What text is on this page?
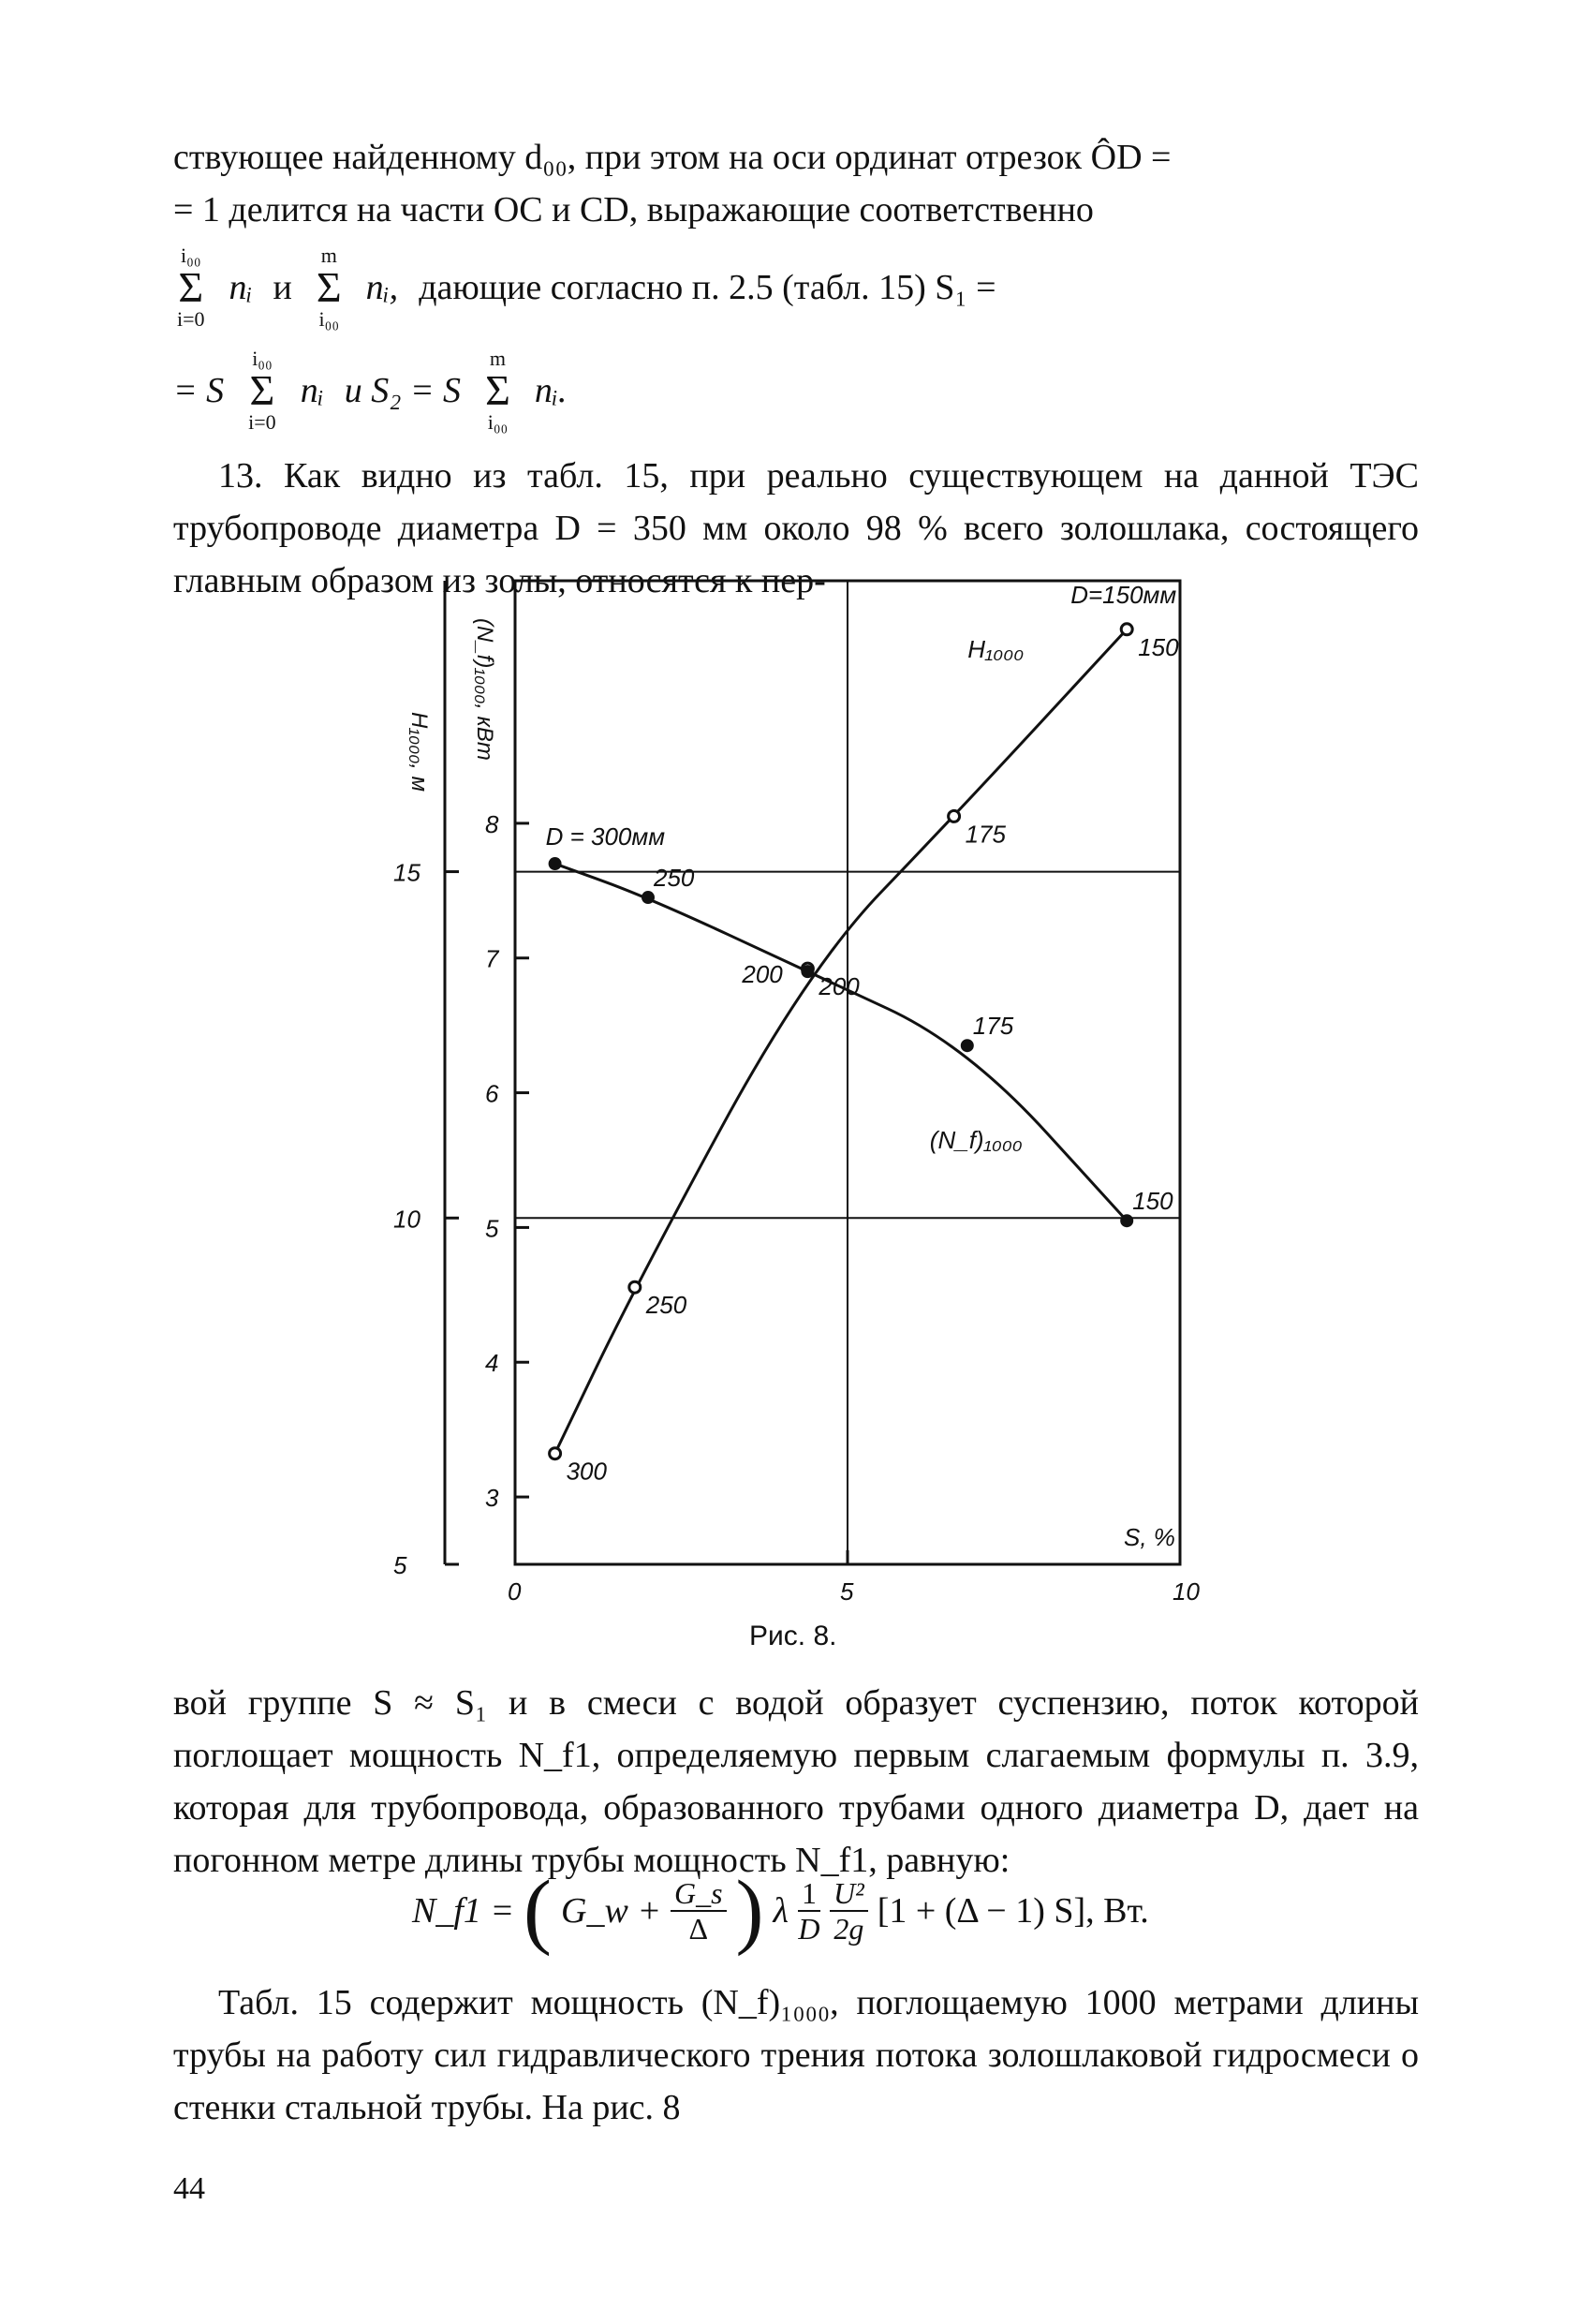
ствующее найденному d₀₀, при этом на оси ординат отрезок ÔD =

= 1 делится на части OC и CD, выражающие соответственно

i₀₀
Σ
i=0
nᵢ и
m
Σ
i₀₀
nᵢ, дающие согласно п. 2.5 (табл. 15) S₁ =
= S
i₀₀
Σ
i=0
nᵢ и S₂ = S
m
Σ
i₀₀
nᵢ.

13. Как видно из табл. 15, при реально существующем на данной ТЭС трубопроводе диаметра D = 350 мм около 98 % всего золошлака, состоящего главным образом из золы, относятся к пер-

5
10
15
3
4
5
6
7
8
0	5	10
S, %
H₁₀₀₀, м (N_f)₁₀₀₀, кВт
300
250
200
175
150
D=150мм
H₁₀₀₀
250
200
175
150
D = 300мм
(N_f)₁₀₀₀
Рис. 8.

вой группе S ≈ S₁ и в смеси с водой образует суспензию, поток которой поглощает мощность N_f1, определяемую первым слагаемым формулы п. 3.9, которая для трубопровода, образованного трубами одного диаметра D, дает на погонном метре длины трубы мощность N_f1, равную:

N_f1 = ( G_w + $\frac{G\_s}{\Delta}$ ) λ $\frac{1}{D} \frac{\text{U²}}{2g} [1 + (\Delta - 1)$ S], Вт.

Табл. 15 содержит мощность (N_f)₁₀₀₀, поглощаемую 1000 метрами длины трубы на работу сил гидравлического трения потока золошлаковой гидросмеси о стенки стальной трубы. На рис. 8

44
